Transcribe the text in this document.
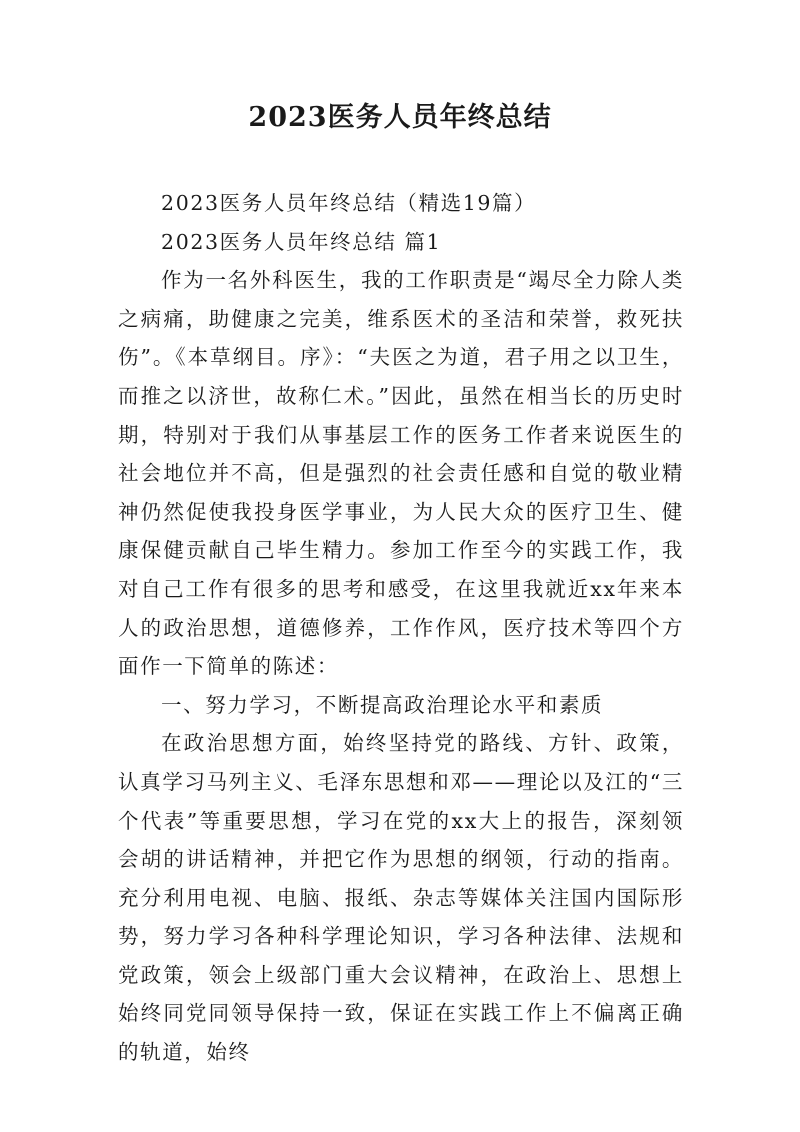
2023医务人员年终总结

2023医务人员年终总结（精选19篇）

2023医务人员年终总结 篇1

作为一名外科医生，我的工作职责是“竭尽全力除人类之病痛，助健康之完美，维系医术的圣洁和荣誉，救死扶伤”。《本草纲目。序》：“夫医之为道，君子用之以卫生，而推之以济世，故称仁术。”因此，虽然在相当长的历史时期，特别对于我们从事基层工作的医务工作者来说医生的社会地位并不高，但是强烈的社会责任感和自觉的敬业精神仍然促使我投身医学事业，为人民大众的医疗卫生、健康保健贡献自己毕生精力。参加工作至今的实践工作，我对自己工作有很多的思考和感受，在这里我就近xx年来本人的政治思想，道德修养，工作作风，医疗技术等四个方面作一下简单的陈述：

一、努力学习，不断提高政治理论水平和素质

在政治思想方面，始终坚持党的路线、方针、政策，认真学习马列主义、毛泽东思想和邓——理论以及江的“三个代表”等重要思想，学习在党的xx大上的报告，深刻领会胡的讲话精神，并把它作为思想的纲领，行动的指南。充分利用电视、电脑、报纸、杂志等媒体关注国内国际形势，努力学习各种科学理论知识，学习各种法律、法规和党政策，领会上级部门重大会议精神，在政治上、思想上始终同党同领导保持一致，保证在实践工作上不偏离正确的轨道，始终
